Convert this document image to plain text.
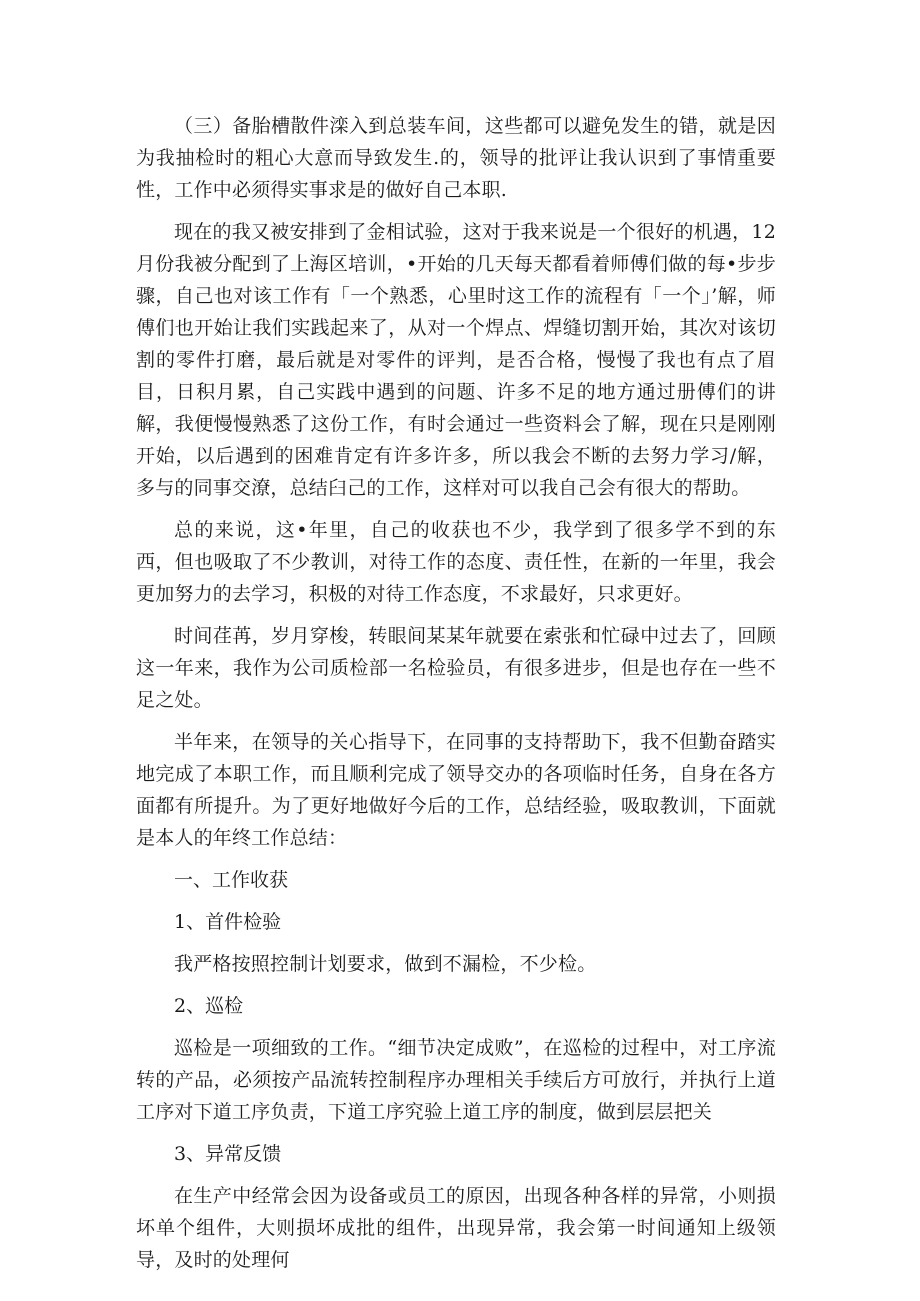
（三）备胎槽散件滦入到总装车间，这些都可以避免发生的错，就是因为我抽检时的粗心大意而导致发生.的，领导的批评让我认识到了事情重要性，工作中必须得实事求是的做好自己本职.

现在的我又被安排到了金相试验，这对于我来说是一个很好的机遇，12月份我被分配到了上海区培训，•开始的几天每天都看着师傅们做的每•步步骤，自己也对该工作有「一个熟悉，心里时这工作的流程有「一个」’解，师傅们也开始让我们实践起来了，从对一个焊点、焊缝切割开始，其次对该切割的零件打磨，最后就是对零件的评判，是否合格，慢慢了我也有点了眉目，日积月累，自己实践中遇到的问题、许多不足的地方通过册傅们的讲解，我便慢慢熟悉了这份工作，有时会通过一些资料会了解，现在只是刚刚开始，以后遇到的困难肯定有许多许多，所以我会不断的去努力学习/解，多与的同事交潦，总结臼己的工作，这样对可以我自己会有很大的帮助。

总的来说，这•年里，自己的收获也不少，我学到了很多学不到的东西，但也吸取了不少教训，对待工作的态度、责任性，在新的一年里，我会更加努力的去学习，积极的对待工作态度，不求最好，只求更好。

时间荏苒，岁月穿梭，转眼间某某年就要在索张和忙碌中过去了，回顾这一年来，我作为公司质检部一名检验员，有很多进步，但是也存在一些不足之处。

半年来，在领导的关心指导下，在同事的支持帮助下，我不但勤奋踏实地完成了本职工作，而且顺利完成了领导交办的各项临时任务，自身在各方面都有所提升。为了更好地做好今后的工作，总结经验，吸取教训，下面就是本人的年终工作总结：

一、工作收获

1、首件检验

我严格按照控制计划要求，做到不漏检，不少检。

2、巡检

巡检是一项细致的工作。“细节决定成败”，在巡检的过程中，对工序流转的产品，必须按产品流转控制程序办理相关手续后方可放行，并执行上道工序对下道工序负责，下道工序究验上道工序的制度，做到层层把关

3、异常反馈

在生产中经常会因为设备或员工的原因，出现各种各样的异常，小则损坏单个组件，大则损坏成批的组件，出现异常，我会第一时间通知上级领导，及时的处理何
